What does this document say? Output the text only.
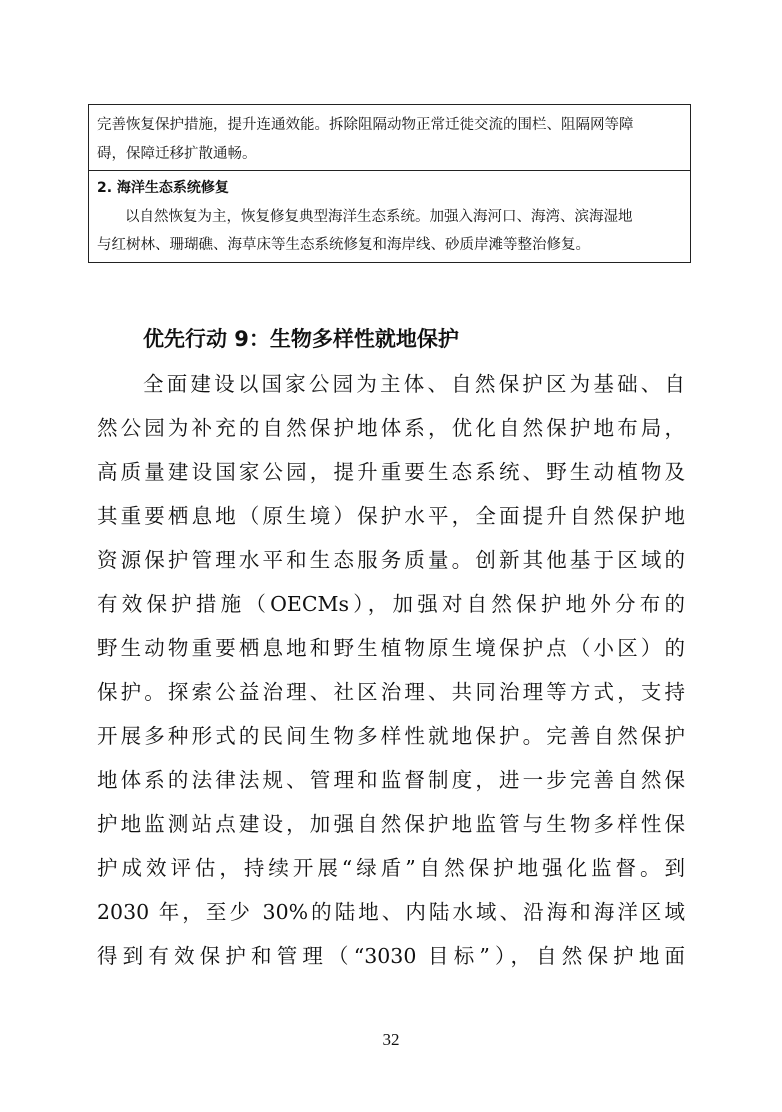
完善恢复保护措施，提升连通效能。拆除阻隔动物正常迁徙交流的围栏、阻隔网等障
碍，保障迁移扩散通畅。
2. 海洋生态系统修复
以自然恢复为主，恢复修复典型海洋生态系统。加强入海河口、海湾、滨海湿地
与红树林、珊瑚礁、海草床等生态系统修复和海岸线、砂质岸滩等整治修复。
优先行动 9：生物多样性就地保护
全面建设以国家公园为主体、自然保护区为基础、自
然公园为补充的自然保护地体系，优化自然保护地布局，
高质量建设国家公园，提升重要生态系统、野生动植物及
其重要栖息地（原生境）保护水平，全面提升自然保护地
资源保护管理水平和生态服务质量。创新其他基于区域的
有效保护措施（OECMs），加强对自然保护地外分布的
野生动物重要栖息地和野生植物原生境保护点（小区）的
保护。探索公益治理、社区治理、共同治理等方式，支持
开展多种形式的民间生物多样性就地保护。完善自然保护
地体系的法律法规、管理和监督制度，进一步完善自然保
护地监测站点建设，加强自然保护地监管与生物多样性保
护成效评估，持续开展“绿盾”自然保护地强化监督。到
2030 年，至少 30%的陆地、内陆水域、沿海和海洋区域
得到有效保护和管理（“3030 目标”），自然保护地面
32
